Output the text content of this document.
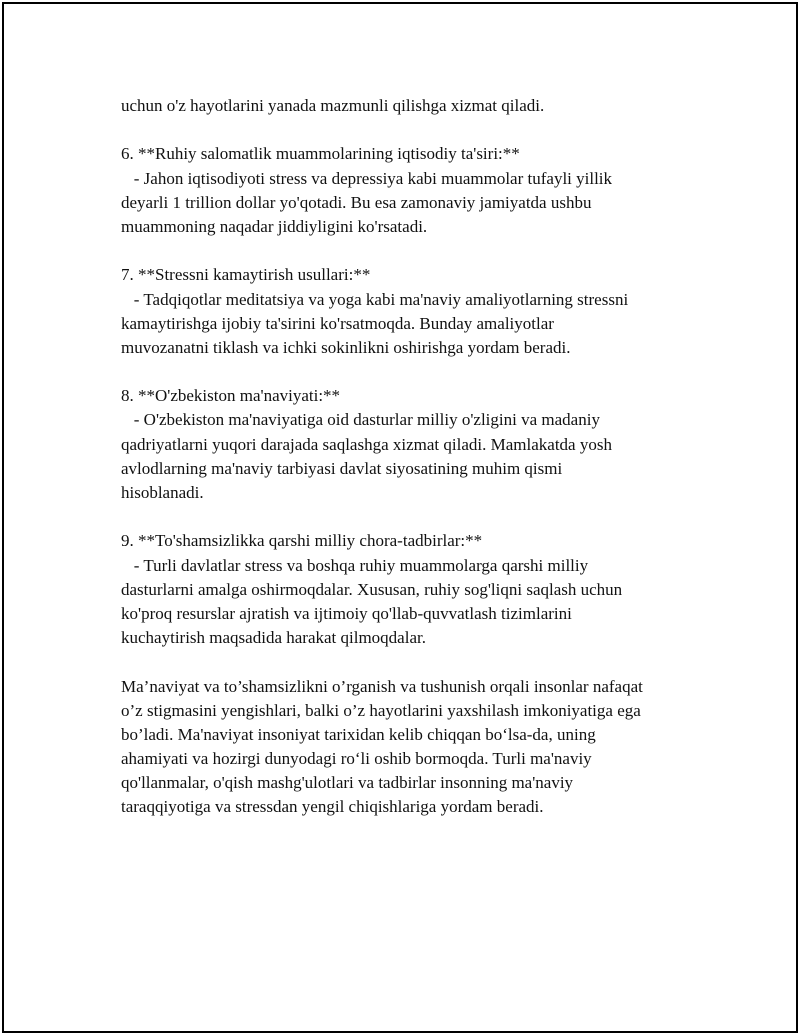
uchun o'z hayotlarini yanada mazmunli qilishga xizmat qiladi.
6. **Ruhiy salomatlik muammolarining iqtisodiy ta'siri:**
- Jahon iqtisodiyoti stress va depressiya kabi muammolar tufayli yillik
deyarli 1 trillion dollar yo'qotadi. Bu esa zamonaviy jamiyatda ushbu
muammoning naqadar jiddiyligini ko'rsatadi.
7. **Stressni kamaytirish usullari:**
- Tadqiqotlar meditatsiya va yoga kabi ma'naviy amaliyotlarning stressni
kamaytirishga ijobiy ta'sirini ko'rsatmoqda. Bunday amaliyotlar
muvozanatni tiklash va ichki sokinlikni oshirishga yordam beradi.
8. **O'zbekiston ma'naviyati:**
- O'zbekiston ma'naviyatiga oid dasturlar milliy o'zligini va madaniy
qadriyatlarni yuqori darajada saqlashga xizmat qiladi. Mamlakatda yosh
avlodlarning ma'naviy tarbiyasi davlat siyosatining muhim qismi
hisoblanadi.
9. **To'shamsizlikka qarshi milliy chora-tadbirlar:**
- Turli davlatlar stress va boshqa ruhiy muammolarga qarshi milliy
dasturlarni amalga oshirmoqdalar. Xususan, ruhiy sog'liqni saqlash uchun
ko'proq resurslar ajratish va ijtimoiy qo'llab-quvvatlash tizimlarini
kuchaytirish maqsadida harakat qilmoqdalar.
Ma’naviyat va to’shamsizlikni o’rganish va tushunish orqali insonlar nafaqat
o’z stigmasini yengishlari, balki o’z hayotlarini yaxshilash imkoniyatiga ega
bo’ladi. Ma'naviyat insoniyat tarixidan kelib chiqqan bo‘lsa-da, uning
ahamiyati va hozirgi dunyodagi ro‘li oshib bormoqda. Turli ma'naviy
qo'llanmalar, o'qish mashg'ulotlari va tadbirlar insonning ma'naviy
taraqqiyotiga va stressdan yengil chiqishlariga yordam beradi.
